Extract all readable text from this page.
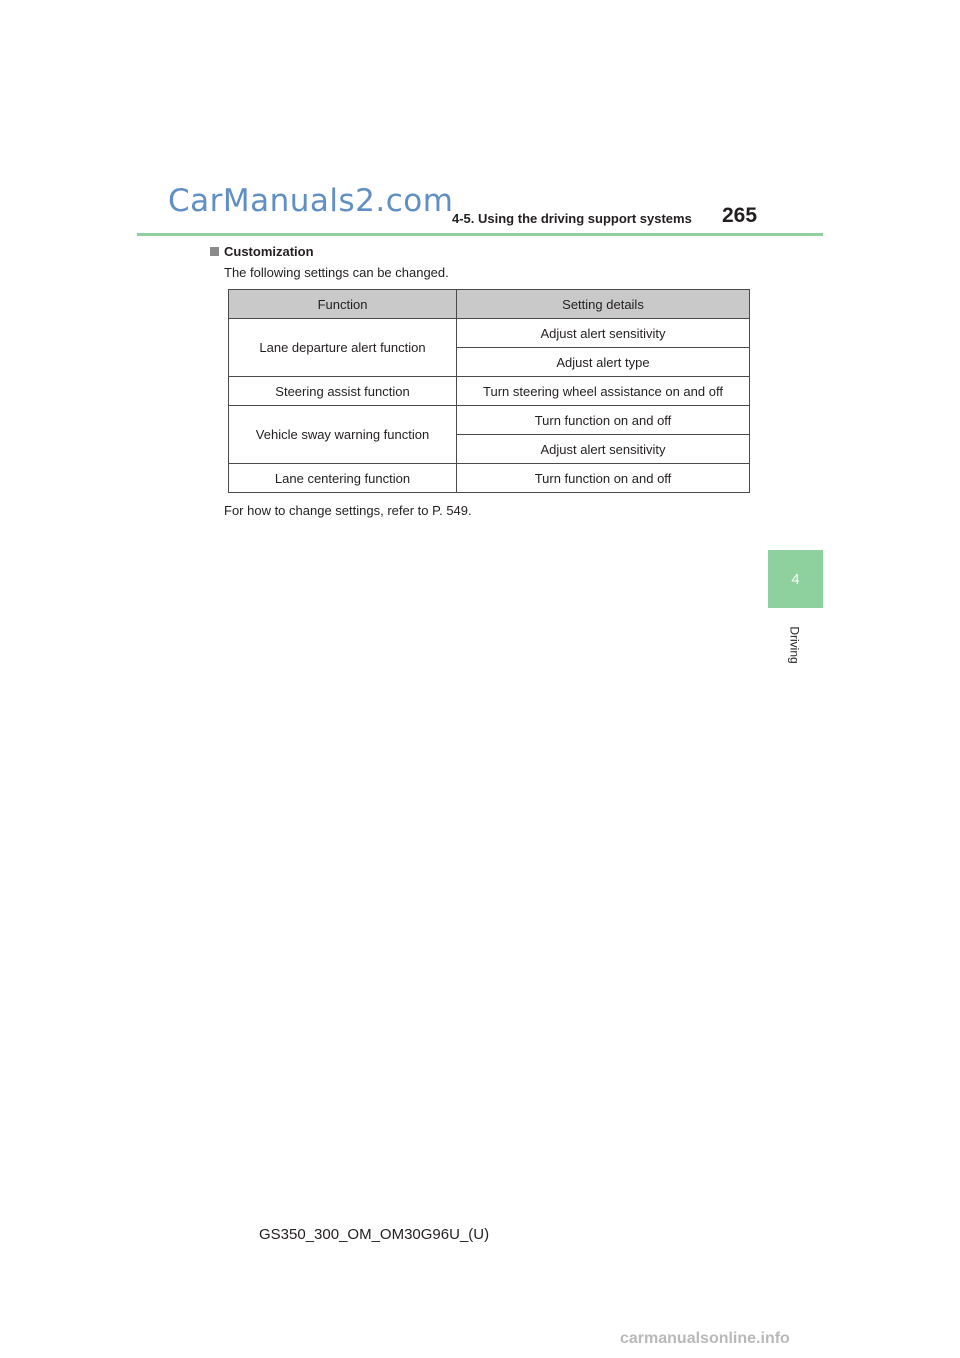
CarManuals2.com
4-5. Using the driving support systems 265
4
Driving
Customization
The following settings can be changed.
Function	Setting details
Lane departure alert function	Adjust alert sensitivity
	Adjust alert type
Steering assist function	Turn steering wheel assistance on and off
Vehicle sway warning function	Turn function on and off
	Adjust alert sensitivity
Lane centering function	Turn function on and off
For how to change settings, refer to P. 549.
GS350_300_OM_OM30G96U_(U)
carmanualsonline.info
